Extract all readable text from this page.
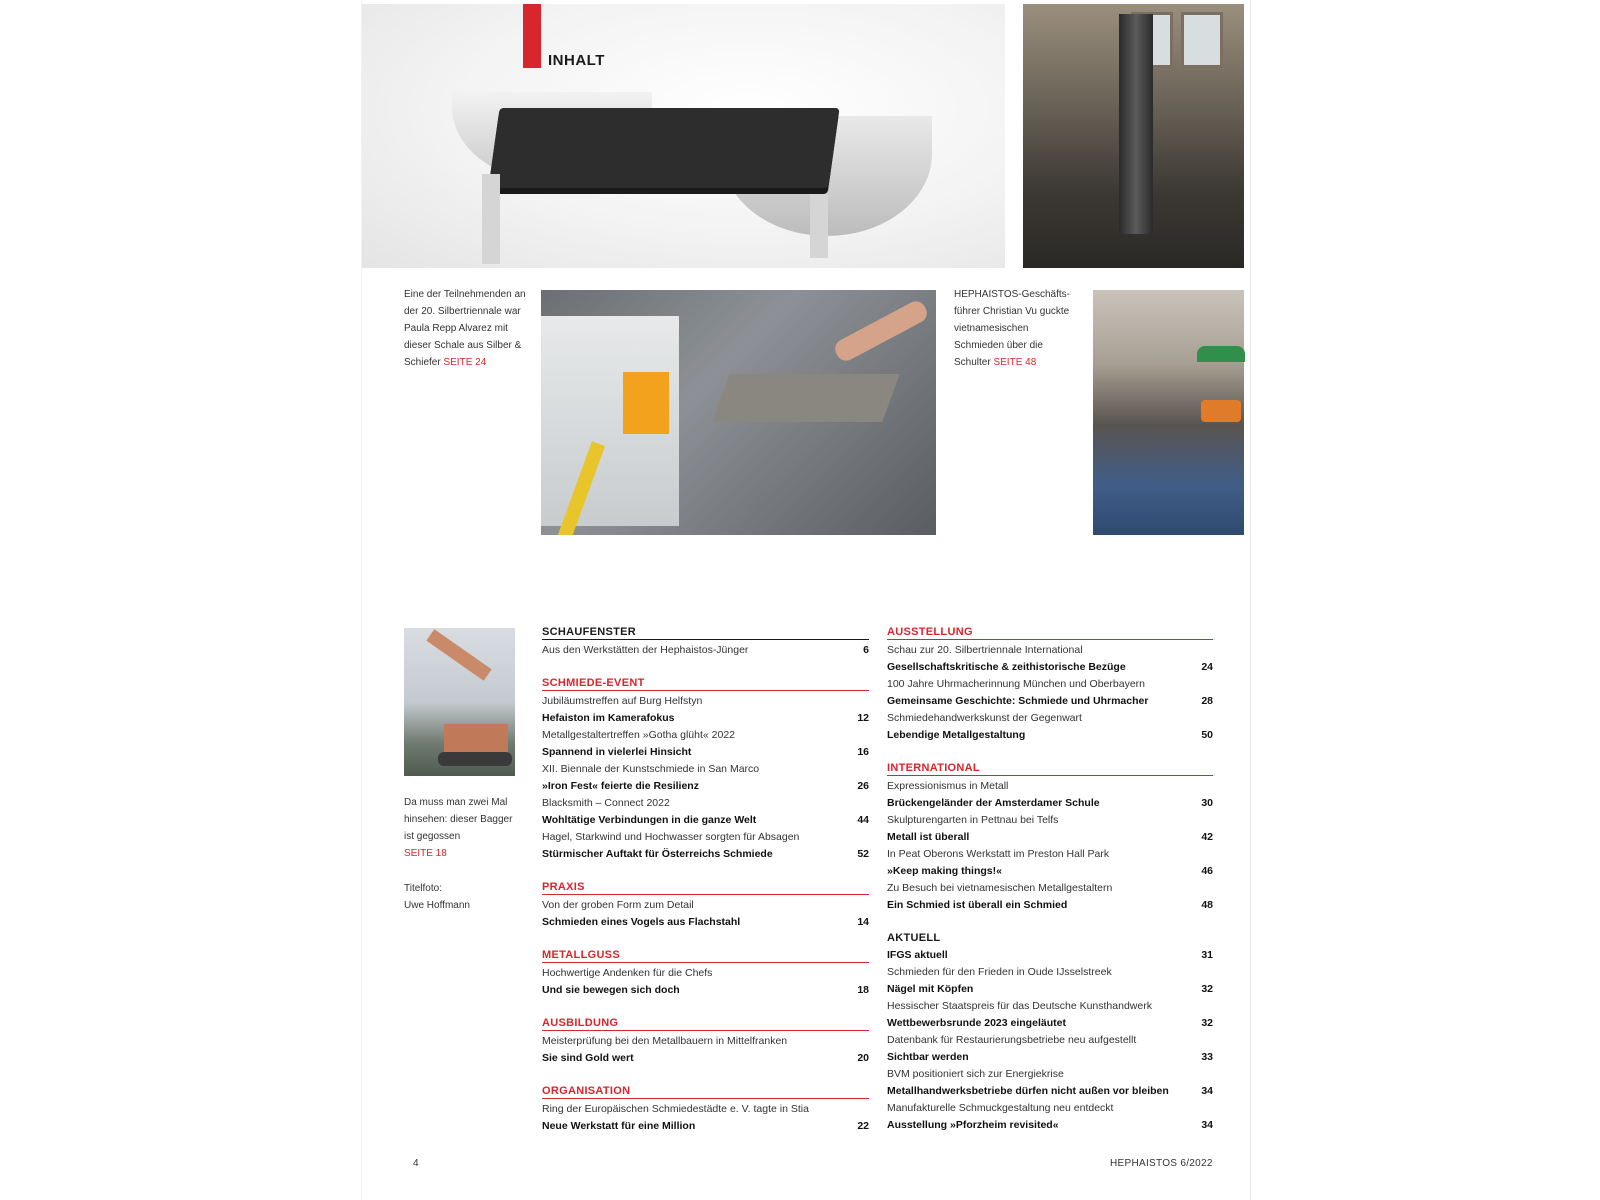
INHALT
Eine der Teilnehmenden an der 20. Silbertriennale war Paula Repp Alvarez mit dieser Schale aus Silber & Schiefer SEITE 24
HEPHAISTOS-Geschäfts-führer Christian Vu guckte vietnamesischen Schmieden über die Schulter SEITE 48
Da muss man zwei Mal hinsehen: dieser Bagger ist gegossen
SEITE 18
Titelfoto:
Uwe Hoffmann
SCHAUFENSTER
Aus den Werkstätten der Hephaistos-Jünger	6
SCHMIEDE-EVENT
Jubiläumstreffen auf Burg Helfstyn
Hefaiston im Kamerafokus	12
Metallgestaltertreffen »Gotha glüht« 2022
Spannend in vielerlei Hinsicht	16
XII. Biennale der Kunstschmiede in San Marco
»Iron Fest« feierte die Resilienz	26
Blacksmith – Connect 2022
Wohltätige Verbindungen in die ganze Welt	44
Hagel, Starkwind und Hochwasser sorgten für Absagen
Stürmischer Auftakt für Österreichs Schmiede	52
PRAXIS
Von der groben Form zum Detail
Schmieden eines Vogels aus Flachstahl	14
METALLGUSS
Hochwertige Andenken für die Chefs
Und sie bewegen sich doch	18
AUSBILDUNG
Meisterprüfung bei den Metallbauern in Mittelfranken
Sie sind Gold wert	20
ORGANISATION
Ring der Europäischen Schmiedestädte e. V. tagte in Stia
Neue Werkstatt für eine Million	22
AUSSTELLUNG
Schau zur 20. Silbertriennale International
Gesellschaftskritische & zeithistorische Bezüge	24
100 Jahre Uhrmacherinnung München und Oberbayern
Gemeinsame Geschichte: Schmiede und Uhrmacher	28
Schmiedehandwerkskunst der Gegenwart
Lebendige Metallgestaltung	50
INTERNATIONAL
Expressionismus in Metall
Brückengeländer der Amsterdamer Schule	30
Skulpturengarten in Pettnau bei Telfs
Metall ist überall	42
In Peat Oberons Werkstatt im Preston Hall Park
»Keep making things!«	46
Zu Besuch bei vietnamesischen Metallgestaltern
Ein Schmied ist überall ein Schmied	48
AKTUELL
IFGS aktuell	31
Schmieden für den Frieden in Oude IJsselstreek
Nägel mit Köpfen	32
Hessischer Staatspreis für das Deutsche Kunsthandwerk
Wettbewerbsrunde 2023 eingeläutet	32
Datenbank für Restaurierungsbetriebe neu aufgestellt
Sichtbar werden	33
BVM positioniert sich zur Energiekrise
Metallhandwerksbetriebe dürfen nicht außen vor bleiben	34
Manufakturelle Schmuckgestaltung neu entdeckt
Ausstellung »Pforzheim revisited«	34
4	HEPHAISTOS 6/2022
